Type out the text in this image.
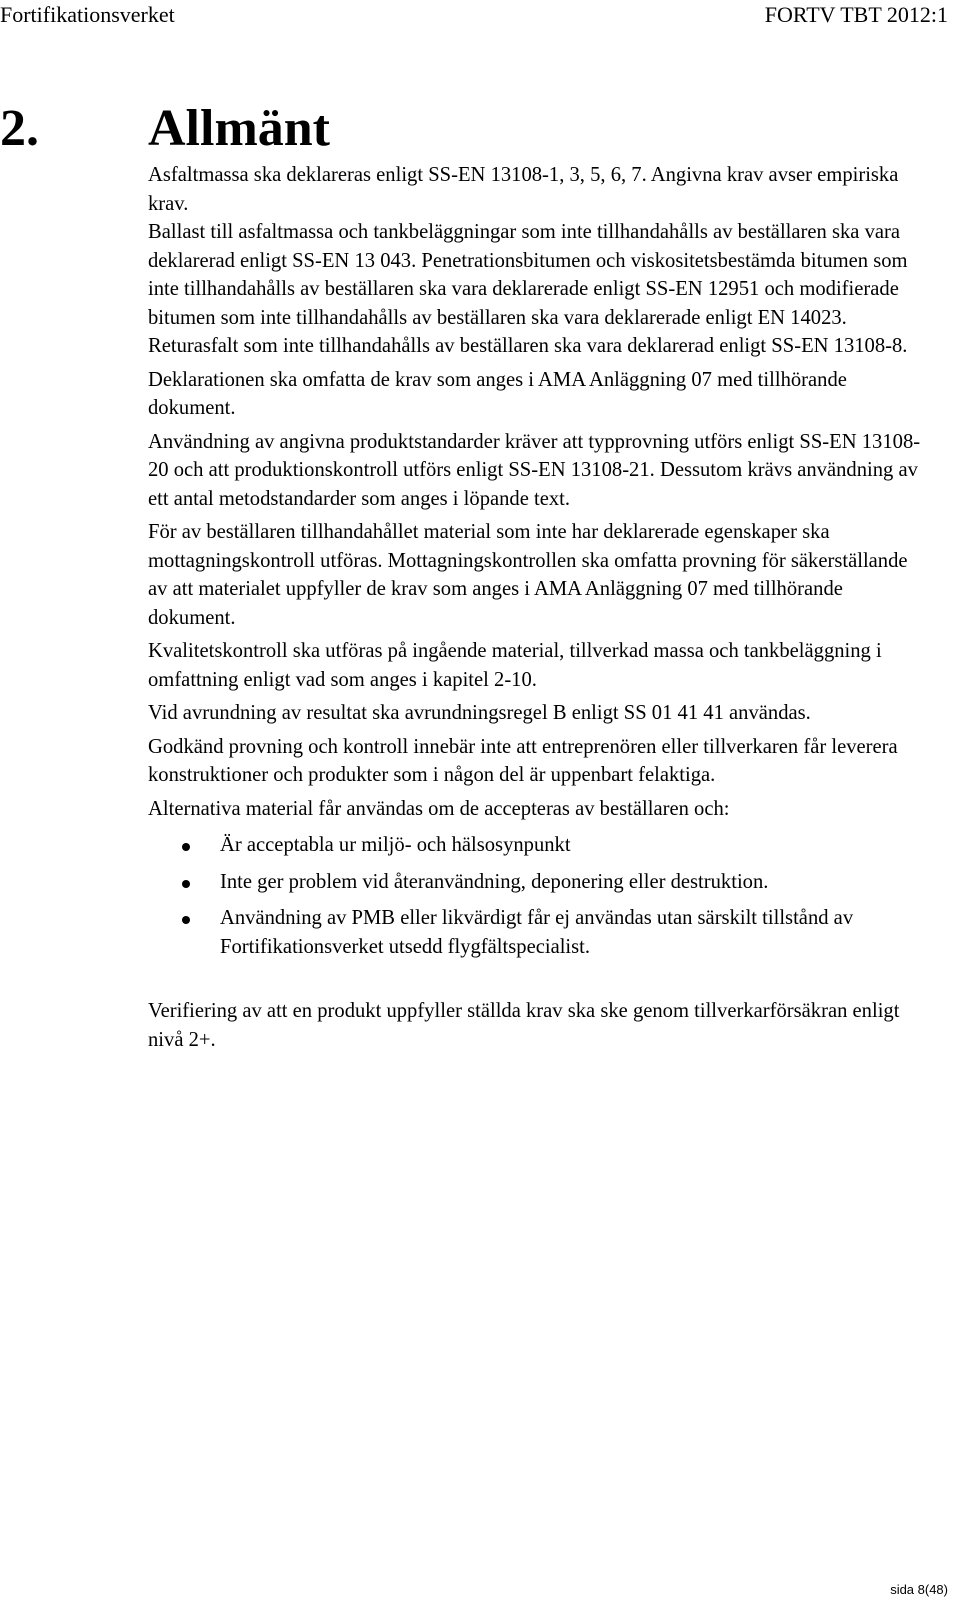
Fortifikationsverket	FORTV TBT 2012:1
2. Allmänt

Asfaltmassa ska deklareras enligt SS-EN 13108-1, 3, 5, 6, 7. Angivna krav avser empiriska krav.

Ballast till asfaltmassa och tankbeläggningar som inte tillhandahålls av beställaren ska vara deklarerad enligt SS-EN 13 043. Penetrationsbitumen och viskositetsbestämda bitumen som inte tillhandahålls av beställaren ska vara deklarerade enligt SS-EN 12951 och modifierade bitumen som inte tillhandahålls av beställaren ska vara deklarerade enligt EN 14023. Returasfalt som inte tillhandahålls av beställaren ska vara deklarerad enligt SS-EN 13108-8.

Deklarationen ska omfatta de krav som anges i AMA Anläggning 07 med tillhörande dokument.

Användning av angivna produktstandarder kräver att typprovning utförs enligt SS-EN 13108-20 och att produktionskontroll utförs enligt SS-EN 13108-21. Dessutom krävs användning av ett antal metodstandarder som anges i löpande text.

För av beställaren tillhandahållet material som inte har deklarerade egenskaper ska mottagningskontroll utföras. Mottagningskontrollen ska omfatta provning för säkerställande av att materialet uppfyller de krav som anges i AMA Anläggning 07 med tillhörande dokument.

Kvalitetskontroll ska utföras på ingående material, tillverkad massa och tankbeläggning i omfattning enligt vad som anges i kapitel 2-10.

Vid avrundning av resultat ska avrundningsregel B enligt SS 01 41 41 användas.

Godkänd provning och kontroll innebär inte att entreprenören eller tillverkaren får leverera konstruktioner och produkter som i någon del är uppenbart felaktiga.

Alternativa material får användas om de accepteras av beställaren och:

Är acceptabla ur miljö- och hälsosynpunkt
Inte ger problem vid återanvändning, deponering eller destruktion.
Användning av PMB eller likvärdigt får ej användas utan särskilt tillstånd av Fortifikationsverket utsedd flygfältspecialist.

Verifiering av att en produkt uppfyller ställda krav ska ske genom tillverkarförsäkran enligt nivå 2+.

sida 8(48)
